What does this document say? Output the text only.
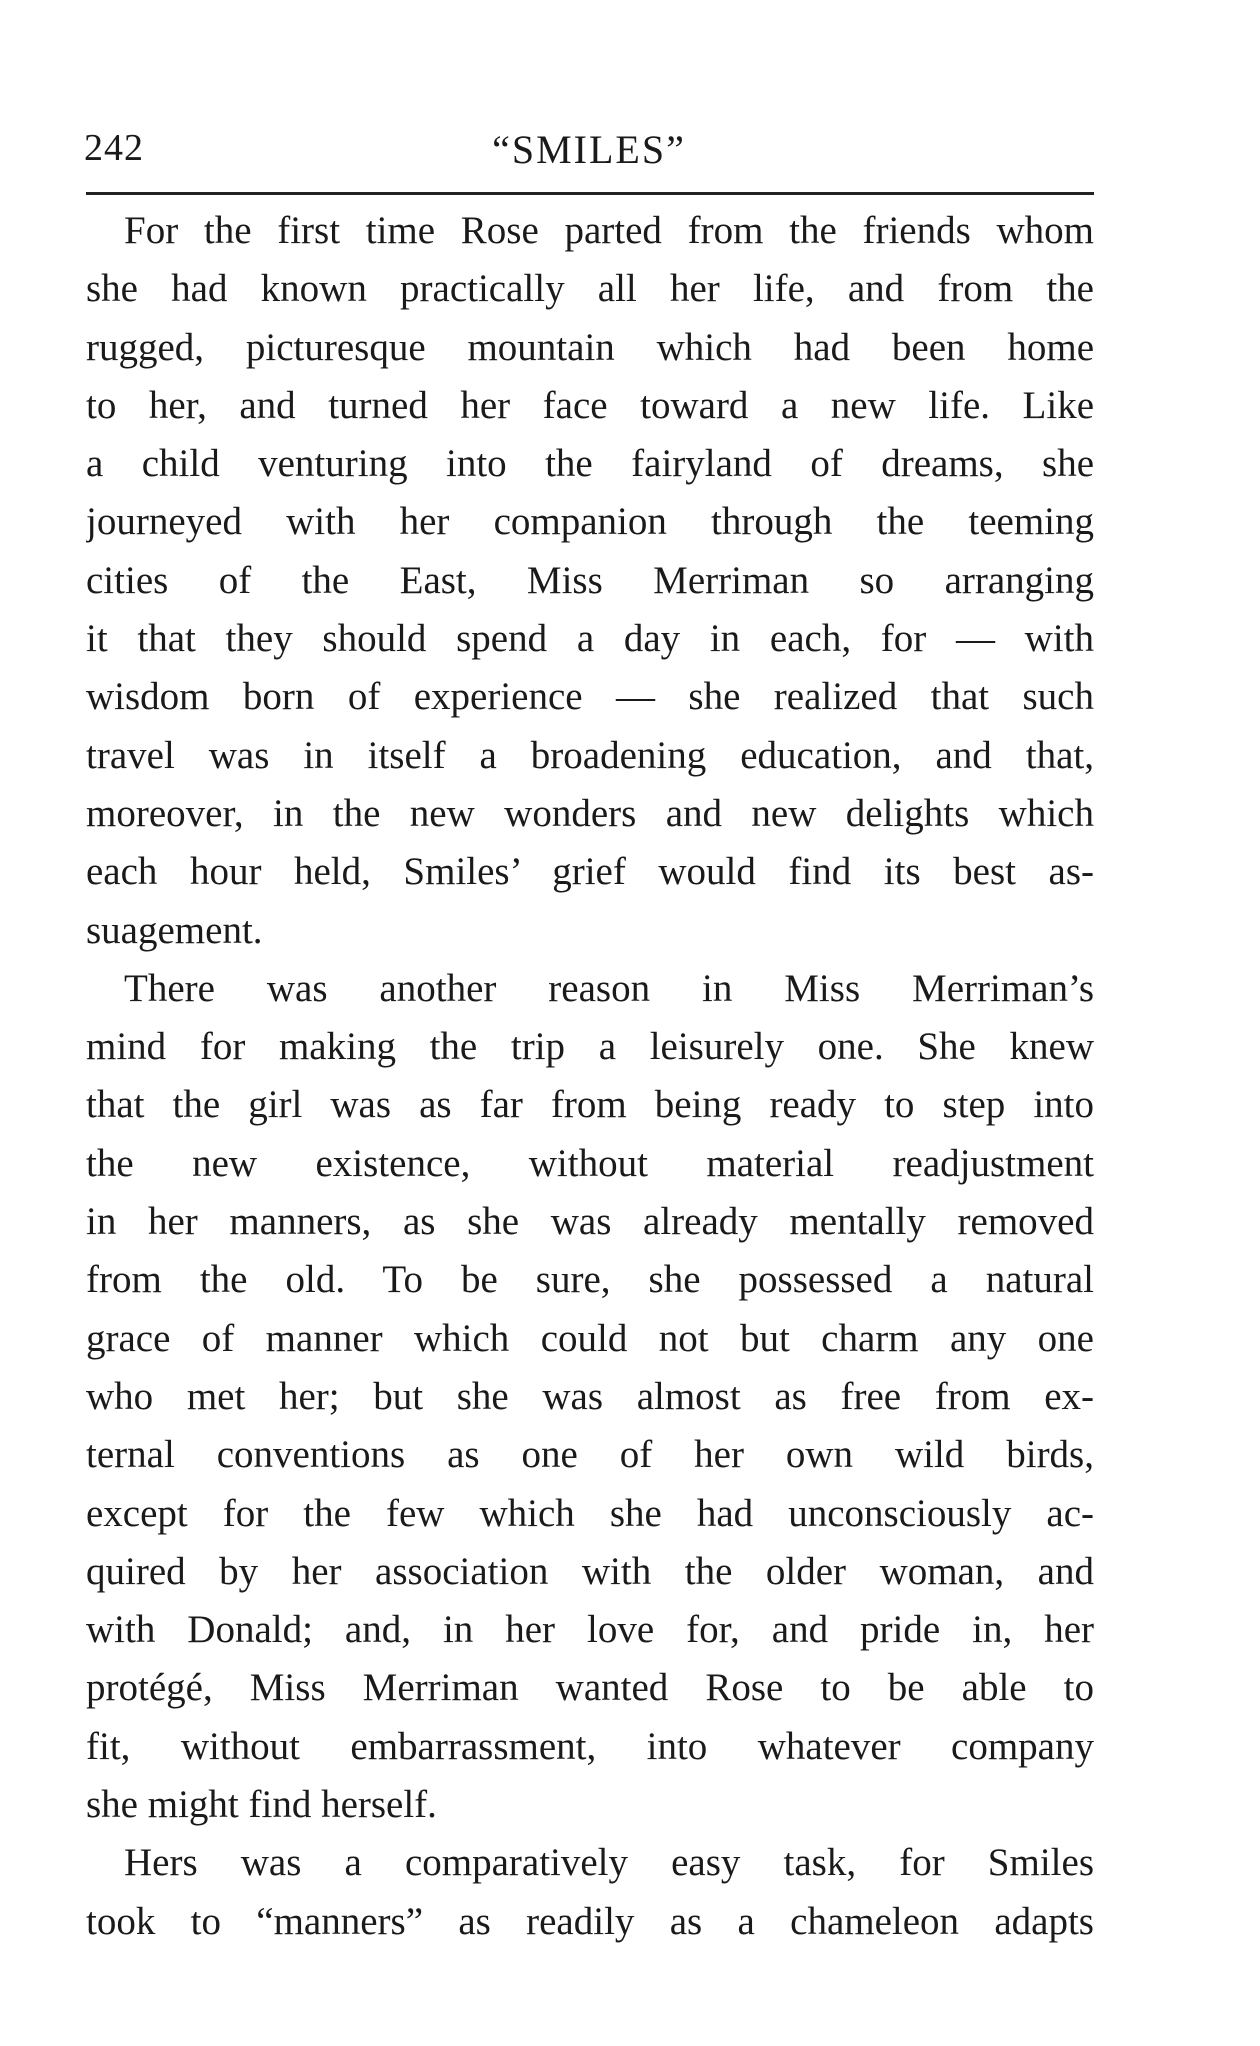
242	“SMILES”
For the first time Rose parted from the friends whom
she had known practically all her life, and from the
rugged, picturesque mountain which had been home
to her, and turned her face toward a new life. Like
a child venturing into the fairyland of dreams, she
journeyed with her companion through the teeming
cities of the East, Miss Merriman so arranging
it that they should spend a day in each, for — with
wisdom born of experience — she realized that such
travel was in itself a broadening education, and that,
moreover, in the new wonders and new delights which
each hour held, Smiles’ grief would find its best as-
suagement.
There was another reason in Miss Merriman’s
mind for making the trip a leisurely one. She knew
that the girl was as far from being ready to step into
the new existence, without material readjustment
in her manners, as she was already mentally removed
from the old. To be sure, she possessed a natural
grace of manner which could not but charm any one
who met her; but she was almost as free from ex-
ternal conventions as one of her own wild birds,
except for the few which she had unconsciously ac-
quired by her association with the older woman, and
with Donald; and, in her love for, and pride in, her
protégé, Miss Merriman wanted Rose to be able to
fit, without embarrassment, into whatever company
she might find herself.
Hers was a comparatively easy task, for Smiles
took to “manners” as readily as a chameleon adapts
